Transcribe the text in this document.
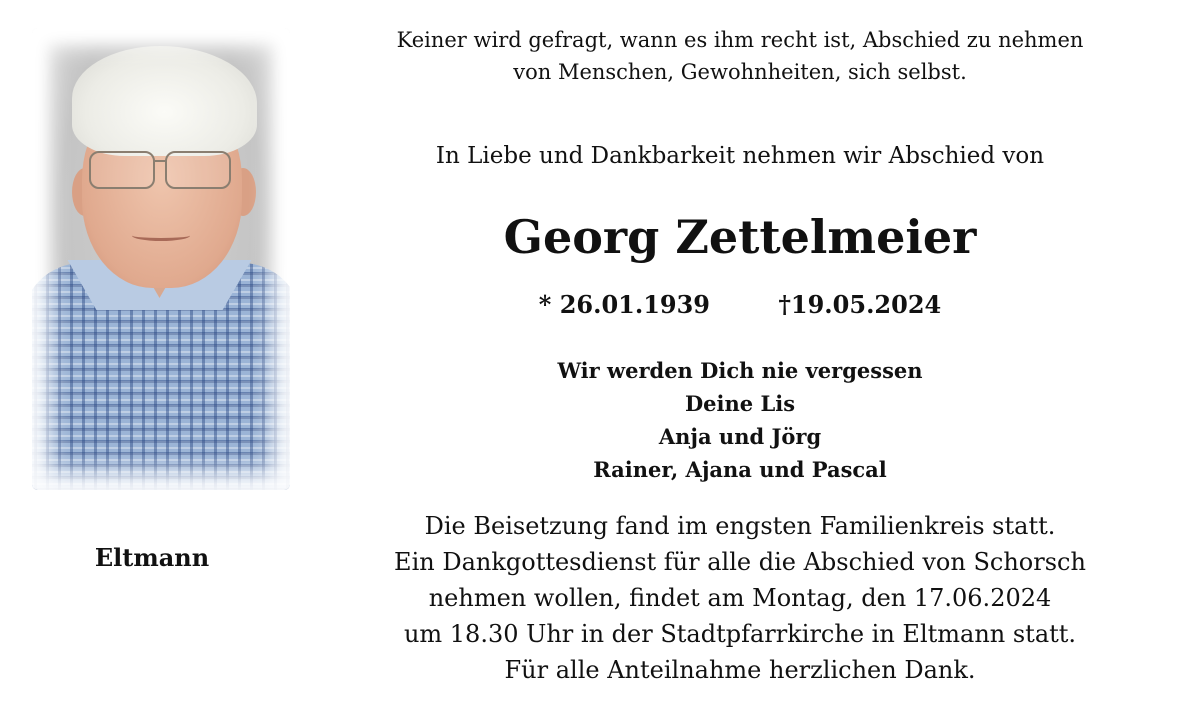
Eltmann
Keiner wird gefragt, wann es ihm recht ist, Abschied zu nehmen
von Menschen, Gewohnheiten, sich selbst.
In Liebe und Dankbarkeit nehmen wir Abschied von
Georg Zettelmeier
* 26.01.1939	†19.05.2024
Wir werden Dich nie vergessen
Deine Lis
Anja und Jörg
Rainer, Ajana und Pascal
Die Beisetzung fand im engsten Familienkreis statt.
Ein Dankgottesdienst für alle die Abschied von Schorsch
nehmen wollen, findet am Montag, den 17.06.2024
um 18.30 Uhr in der Stadtpfarrkirche in Eltmann statt.
Für alle Anteilnahme herzlichen Dank.
